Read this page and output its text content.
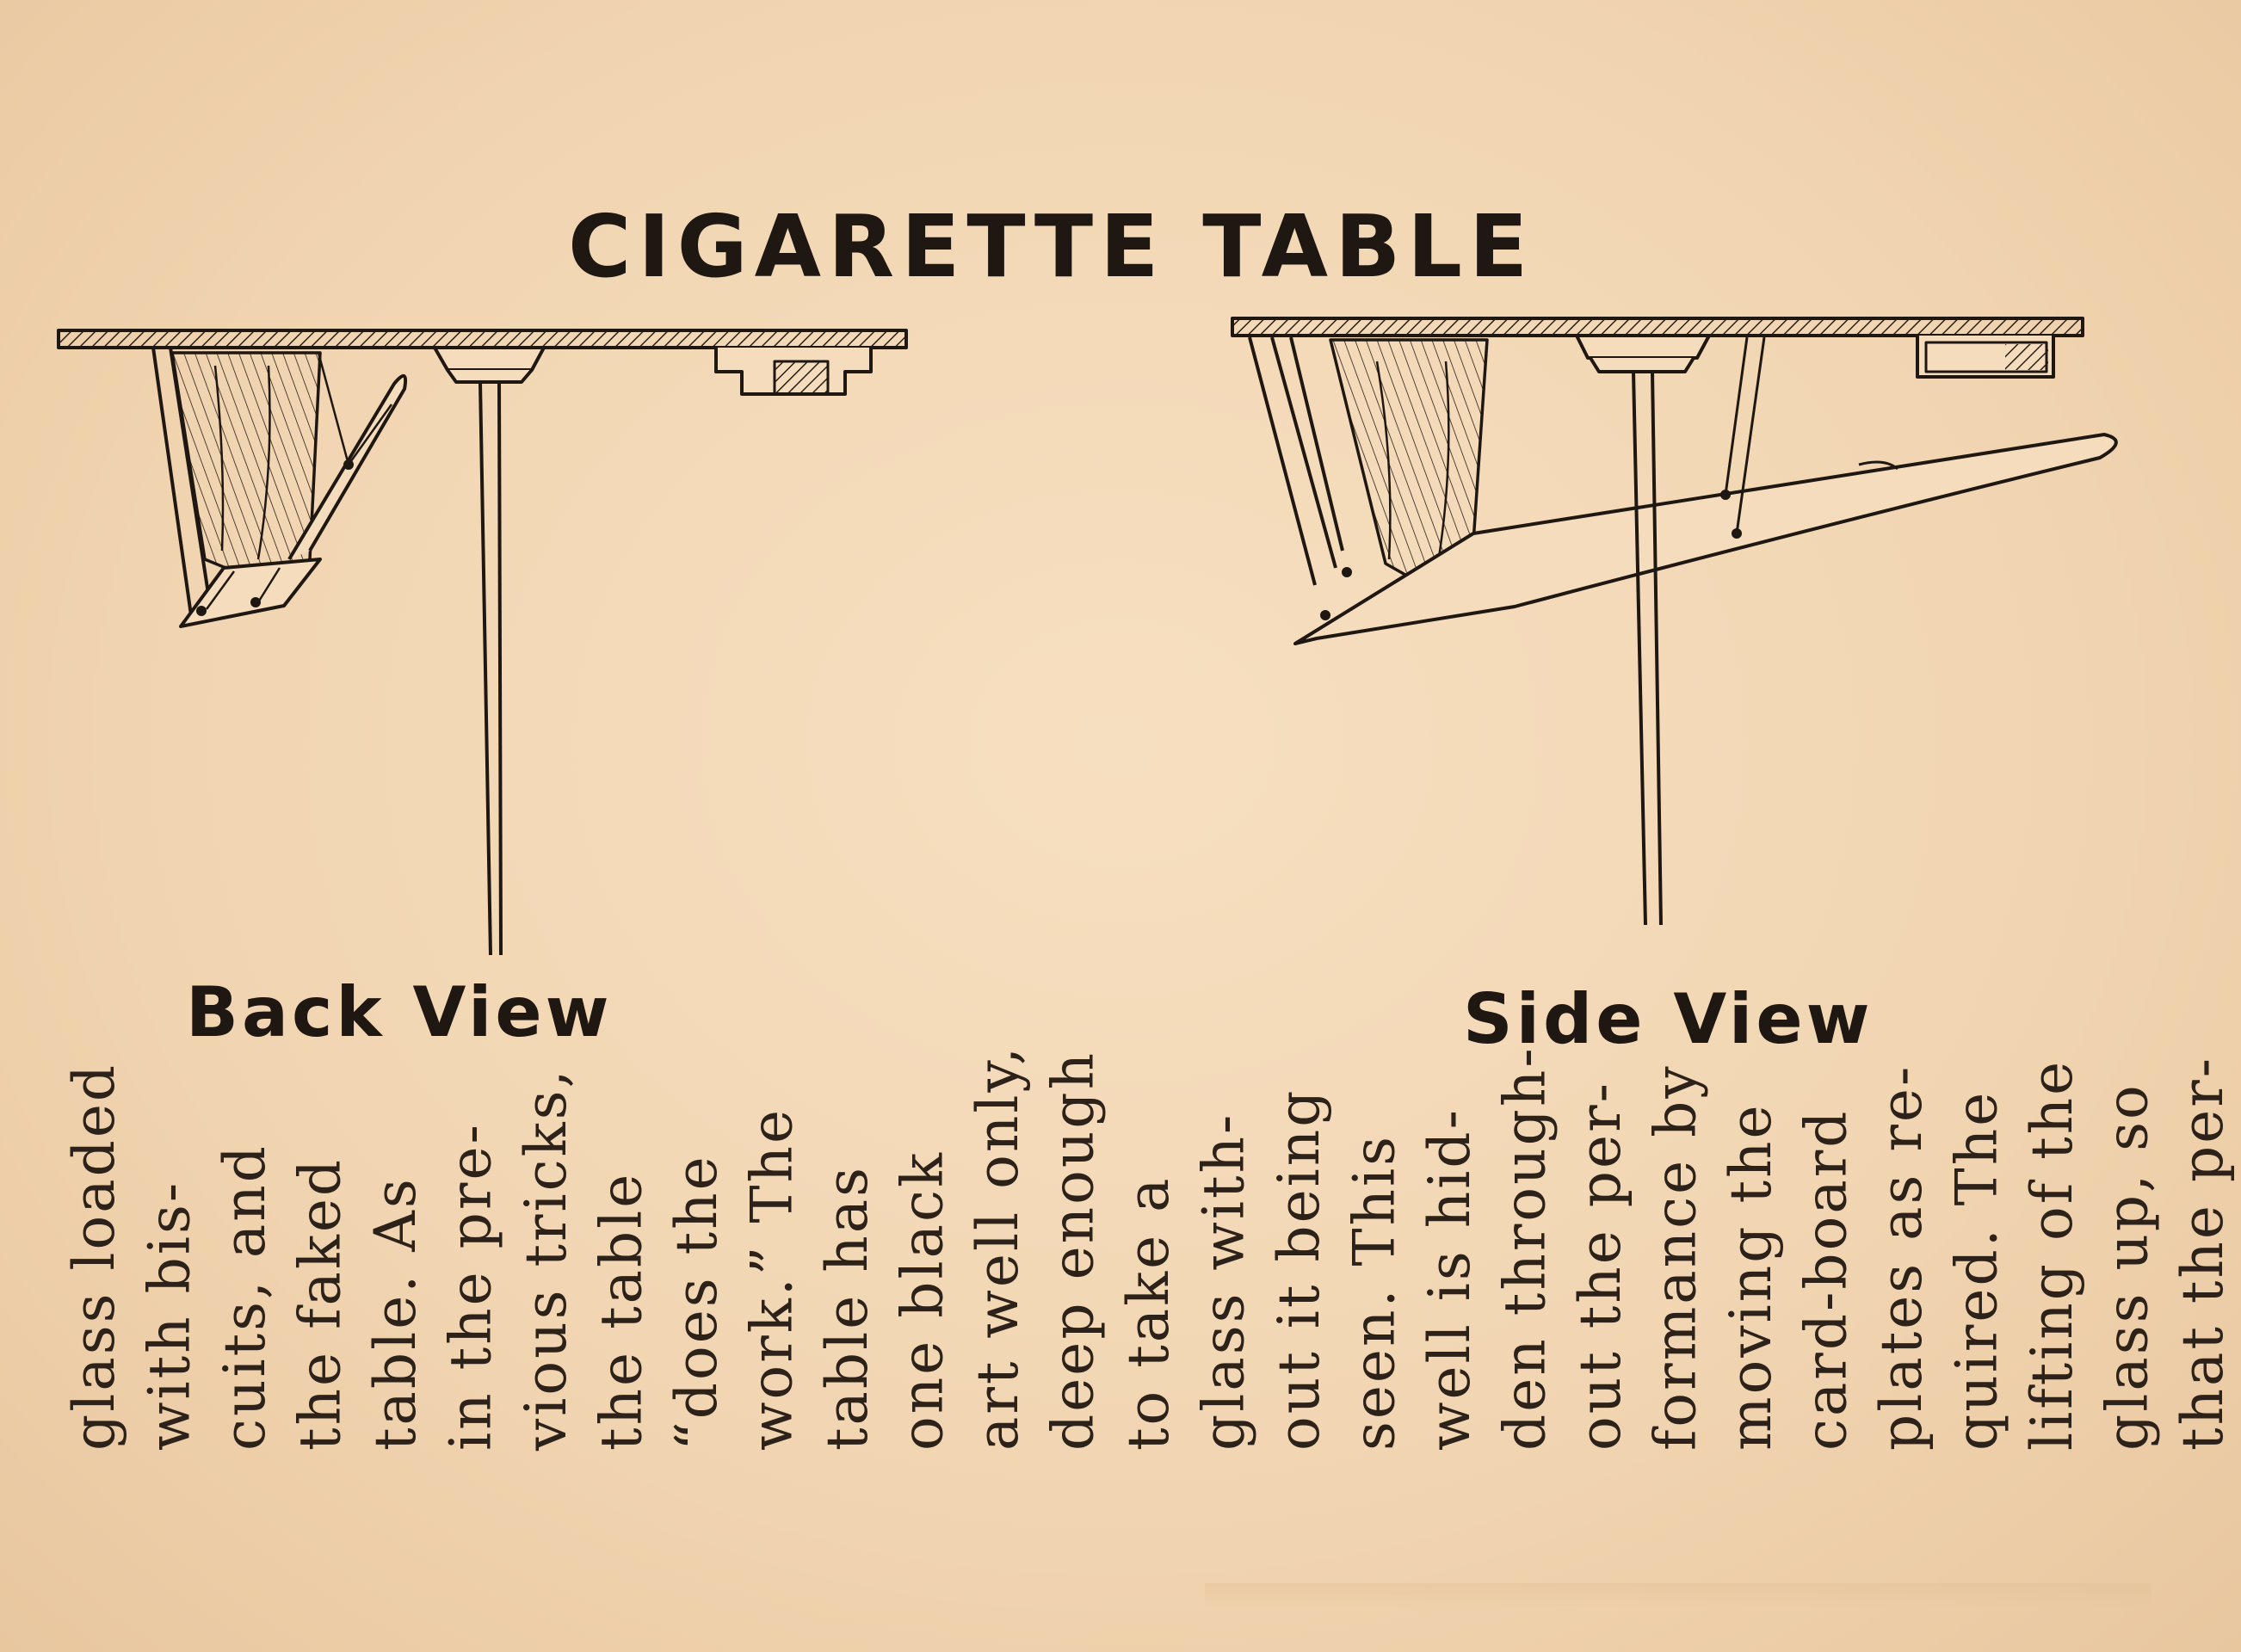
CIGARETTE TABLE
Back View	Side View
glass loaded with bis- cuits, and the faked table. As in the pre- vious tricks, the table “does the work.” The table has one black art well only, deep enough to take a glass with- out it being seen. This well is hid- den through- out the per- formance by moving the card-board plates as re- quired. The lifting of the glass up, so that the per-
